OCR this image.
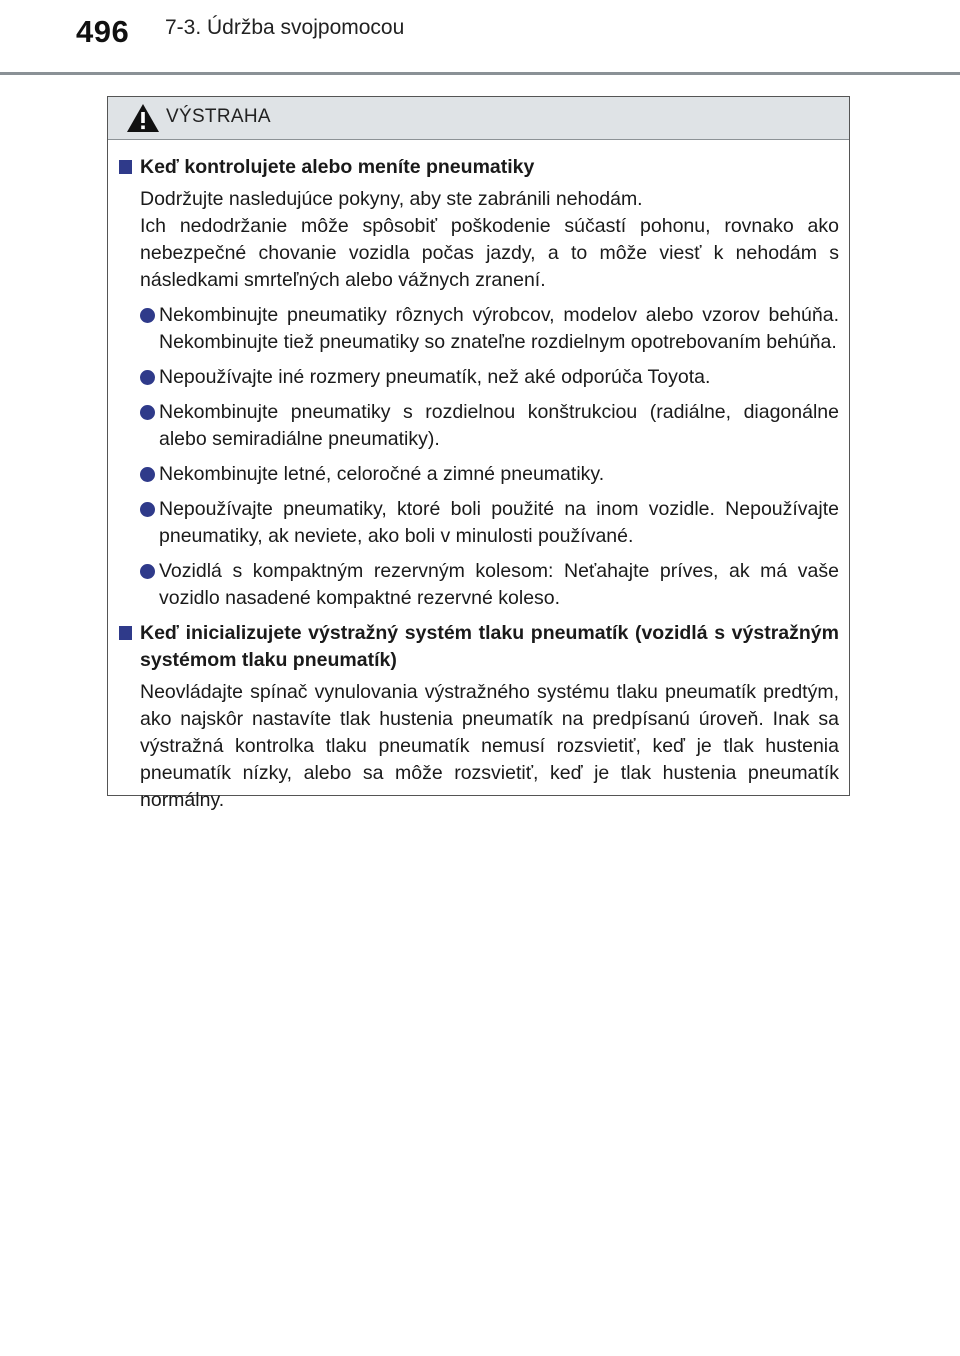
496 7-3. Údržba svojpomocou
VÝSTRAHA
Keď kontrolujete alebo meníte pneumatiky
Dodržujte nasledujúce pokyny, aby ste zabránili nehodám.
Ich nedodržanie môže spôsobiť poškodenie súčastí pohonu, rovnako ako nebezpečné chovanie vozidla počas jazdy, a to môže viesť k nehodám s následkami smrteľných alebo vážnych zranení.
Nekombinujte pneumatiky rôznych výrobcov, modelov alebo vzorov behúňa. Nekombinujte tiež pneumatiky so znateľne rozdielnym opotrebovaním behúňa.
Nepoužívajte iné rozmery pneumatík, než aké odporúča Toyota.
Nekombinujte pneumatiky s rozdielnou konštrukciou (radiálne, diagonálne alebo semiradiálne pneumatiky).
Nekombinujte letné, celoročné a zimné pneumatiky.
Nepoužívajte pneumatiky, ktoré boli použité na inom vozidle. Nepoužívajte pneumatiky, ak neviete, ako boli v minulosti používané.
Vozidlá s kompaktným rezervným kolesom: Neťahajte príves, ak má vaše vozidlo nasadené kompaktné rezervné koleso.
Keď inicializujete výstražný systém tlaku pneumatík (vozidlá s výstražným systémom tlaku pneumatík)
Neovládajte spínač vynulovania výstražného systému tlaku pneumatík predtým, ako najskôr nastavíte tlak hustenia pneumatík na predpísanú úroveň. Inak sa výstražná kontrolka tlaku pneumatík nemusí rozsvietiť, keď je tlak hustenia pneumatík nízky, alebo sa môže rozsvietiť, keď je tlak hustenia pneumatík normálny.
